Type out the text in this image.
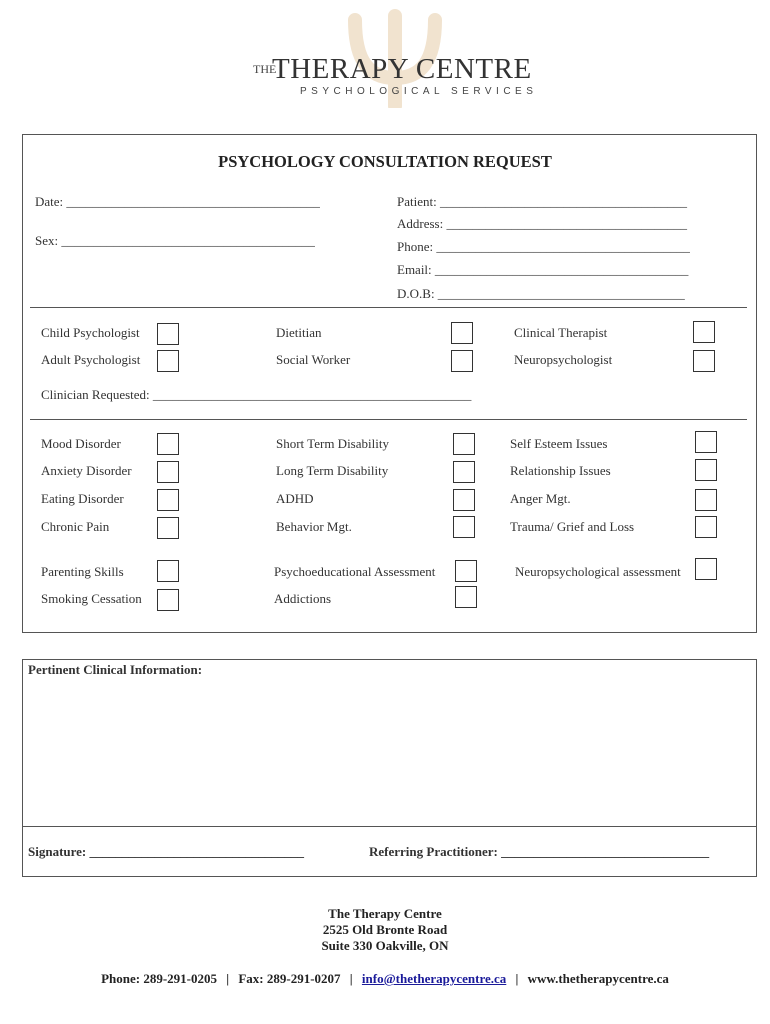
THE
THERAPY CENTRE
PSYCHOLOGICAL SERVICES
PSYCHOLOGY CONSULTATION REQUEST
Date: _______________________________________
Sex: _______________________________________
Patient: ______________________________________
Address: _____________________________________
Phone: _______________________________________
Email: _______________________________________
D.O.B: ______________________________________
Child Psychologist	Dietitian	Clinical Therapist
Adult Psychologist	Social Worker	Neuropsychologist
Clinician Requested: _________________________________________________
Mood Disorder	Short Term Disability	Self Esteem Issues
Anxiety Disorder	Long Term Disability	Relationship Issues
Eating Disorder	ADHD	Anger Mgt.
Chronic Pain	Behavior Mgt.	Trauma/ Grief and Loss
Parenting Skills	Psychoeducational Assessment	Neuropsychological assessment
Smoking Cessation	Addictions
Pertinent Clinical Information:
Signature: _________________________________	Referring Practitioner: ________________________________
The Therapy Centre
2525 Old Bronte Road
Suite 330 Oakville, ON
Phone: 289-291-0205 | Fax: 289-291-0207 | info@thetherapycentre.ca | www.thetherapycentre.ca
